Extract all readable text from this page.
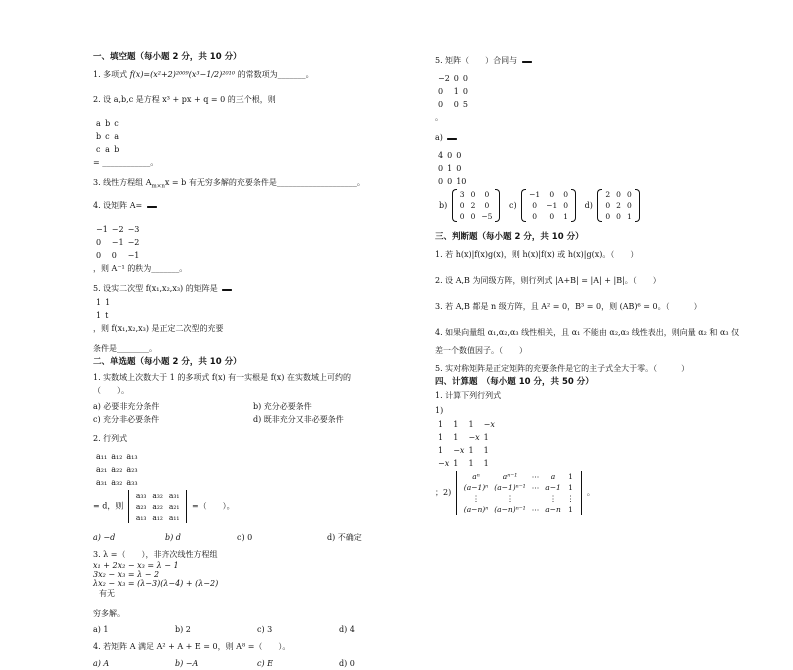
一、填空题（每小题 2 分，共 10 分）

1. 多项式 f(x)=(x²+2)²⁰⁰⁹(x³−1/2)²⁰¹⁰ 的常数项为_______。

2. 设 a,b,c 是方程 x³ + px + q = 0 的三个根，则

a	b	c
b	c	a
c	a	b
= ____________。

3. 线性方程组 $A_{m\times n}x = b$ 有无穷多解的充要条件是____________________。

4. 设矩阵 A=

−1	−2	−3
0	−1	−2
0	0	−1
，则 A⁻¹ 的秩为_______。

5. 设实二次型 f(x₁,x₂,x₃) 的矩阵是

1	1
1	t
，则 f(x₁,x₂,x₃) 是正定二次型的充要

条件是________。

二、单选题（每小题 2 分，共 10 分）

1. 实数域上次数大于 1 的多项式 f(x) 有一实根是 f(x) 在实数域上可约的

（　　）。

a) 必要非充分条件	b) 充分必要条件

c) 充分非必要条件	d) 既非充分又非必要条件

2. 行列式

a₁₁	a₁₂	a₁₃
a₂₁	a₂₂	a₂₃
a₃₁	a₃₂	a₃₃
= d，则
a₃₃	a₃₂	a₃₁
a₂₃	a₂₂	a₂₁
a₁₃	a₁₂	a₁₁
=（　　）。

a) −d	b) d	c) 0	d) 不确定

3. λ =（　　），非齐次线性方程组

x₁ + 2x₂ − x₃ = λ − 1
3x₂ − x₃ = λ − 2
λx₂ − x₃ = (λ−3)(λ−4) + (λ−2)
有无

穷多解。

a) 1	b) 2	c) 3	d) 4

4. 若矩阵 A 满足 A² + A + E = 0，则 A⁸ =（　　）。

a) A	b) −A	c) E	d) 0

5. 矩阵（　　）合同与

−2	0	0
0	1	0
0	0	5
。

a)

4	0	0
0	1	0
0	0	10
b)
3	0	0
0	2	0
0	0	−5
c)
−1	0	0
0	−1	0
0	0	1
d)
2	0	0
0	2	0
0	0	1

三、判断题（每小题 2 分，共 10 分）

1. 若 h(x)|f(x)g(x)，则 h(x)|f(x) 或 h(x)|g(x)。（　　）

2. 设 A,B 为同级方阵，则行列式 |A+B| = |A| + |B|。（　　）

3. 若 A,B 都是 n 级方阵，且 A² = 0，B³ = 0，则 (AB)⁶ = 0。（　　　）

4. 如果向量组 α₁,α₂,α₃ 线性相关，且 α₁ 不能由 α₂,α₃ 线性表出，则向量 α₂ 和 α₃ 仅

差一个数值因子。（　　）

5. 实对称矩阵是正定矩阵的充要条件是它的主子式全大于零。（　　　）

四、计算题　（每小题 10 分，共 50 分）

1. 计算下列行列式

1)

1	1	1	−x
1	1	−x	1
1	−x	1	1
−x	1	1	1
；2)
aⁿ	aⁿ⁻¹	⋯	a	1
(a−1)ⁿ	(a−1)ⁿ⁻¹	⋯	a−1	1
⋮	⋮		⋮	⋮
(a−n)ⁿ	(a−n)ⁿ⁻¹	⋯	a−n	1
。
